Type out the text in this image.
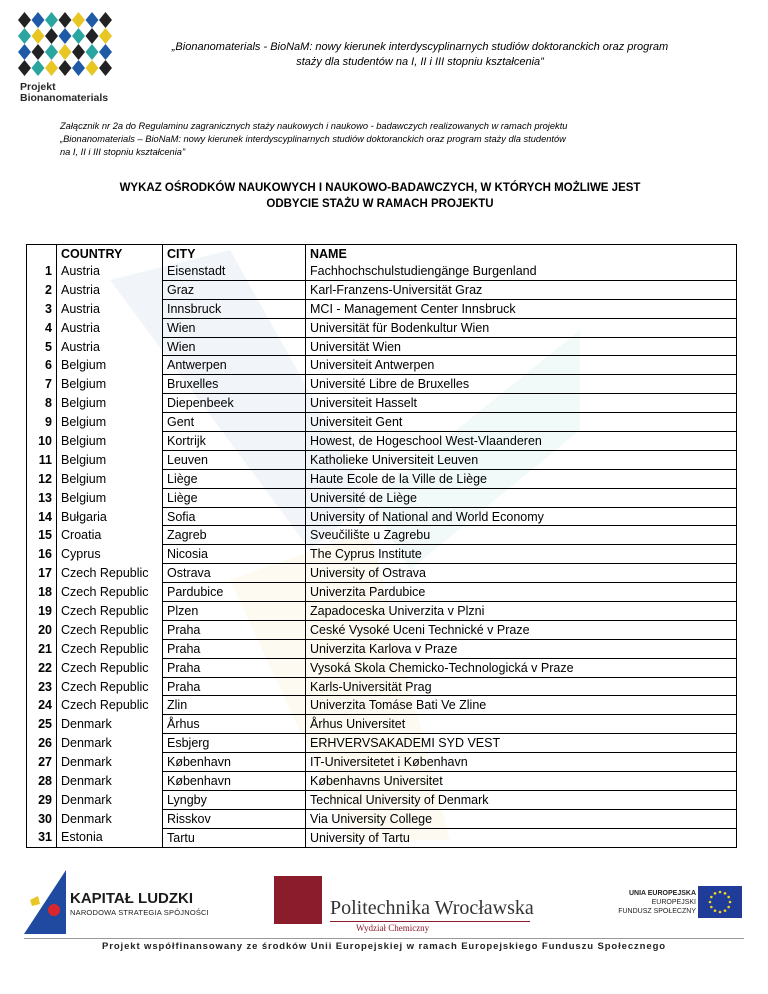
Projekt
Bionanomaterials
„Bionanomaterials - BioNaM: nowy kierunek interdyscyplinarnych studiów doktoranckich oraz program
staży dla studentów na I, II i III stopniu kształcenia”
Załącznik nr 2a do Regulaminu zagranicznych staży naukowych i naukowo - badawczych realizowanych w ramach projektu
„Bionanomaterials – BioNaM: nowy kierunek interdyscyplinarnych studiów doktoranckich oraz program staży dla studentów
na I, II i III stopniu kształcenia”
WYKAZ OŚRODKÓW NAUKOWYCH I NAUKOWO-BADAWCZYCH, W KTÓRYCH MOŻLIWE JEST
ODBYCIE STAŻU W RAMACH PROJEKTU
	COUNTRY	CITY	NAME
1	Austria	Eisenstadt	Fachhochschulstudiengänge Burgenland
2	Austria	Graz	Karl-Franzens-Universität Graz
3	Austria	Innsbruck	MCI - Management Center Innsbruck
4	Austria	Wien	Universität für Bodenkultur Wien
5	Austria	Wien	Universität Wien
6	Belgium	Antwerpen	Universiteit Antwerpen
7	Belgium	Bruxelles	Université Libre de Bruxelles
8	Belgium	Diepenbeek	Universiteit Hasselt
9	Belgium	Gent	Universiteit Gent
10	Belgium	Kortrijk	Howest, de Hogeschool West-Vlaanderen
11	Belgium	Leuven	Katholieke Universiteit Leuven
12	Belgium	Liège	Haute Ecole de la Ville de Liège
13	Belgium	Liège	Université de Liège
14	Bułgaria	Sofia	University of National and World Economy
15	Croatia	Zagreb	Sveučilište u Zagrebu
16	Cyprus	Nicosia	The Cyprus Institute
17	Czech Republic	Ostrava	University of Ostrava
18	Czech Republic	Pardubice	Univerzita Pardubice
19	Czech Republic	Plzen	Zapadoceska Univerzita v Plzni
20	Czech Republic	Praha	Ceské Vysoké Uceni Technické v Praze
21	Czech Republic	Praha	Univerzita Karlova v Praze
22	Czech Republic	Praha	Vysoká Skola Chemicko-Technologická v Praze
23	Czech Republic	Praha	Karls-Universität Prag
24	Czech Republic	Zlin	Univerzita Tomáse Bati Ve Zline
25	Denmark	Århus	Århus Universitet
26	Denmark	Esbjerg	ERHVERVSAKADEMI SYD VEST
27	Denmark	København	IT-Universitetet i København
28	Denmark	København	Københavns Universitet
29	Denmark	Lyngby	Technical University of Denmark
30	Denmark	Risskov	Via University College
31	Estonia	Tartu	University of Tartu
KAPITAŁ LUDZKI
NARODOWA STRATEGIA SPÓJNOŚCI	Politechnika Wrocławska
Wydział Chemiczny
UNIA EUROPEJSKA
EUROPEJSKI
FUNDUSZ SPOŁECZNY
Projekt współfinansowany ze środków Unii Europejskiej w ramach Europejskiego Funduszu Społecznego
